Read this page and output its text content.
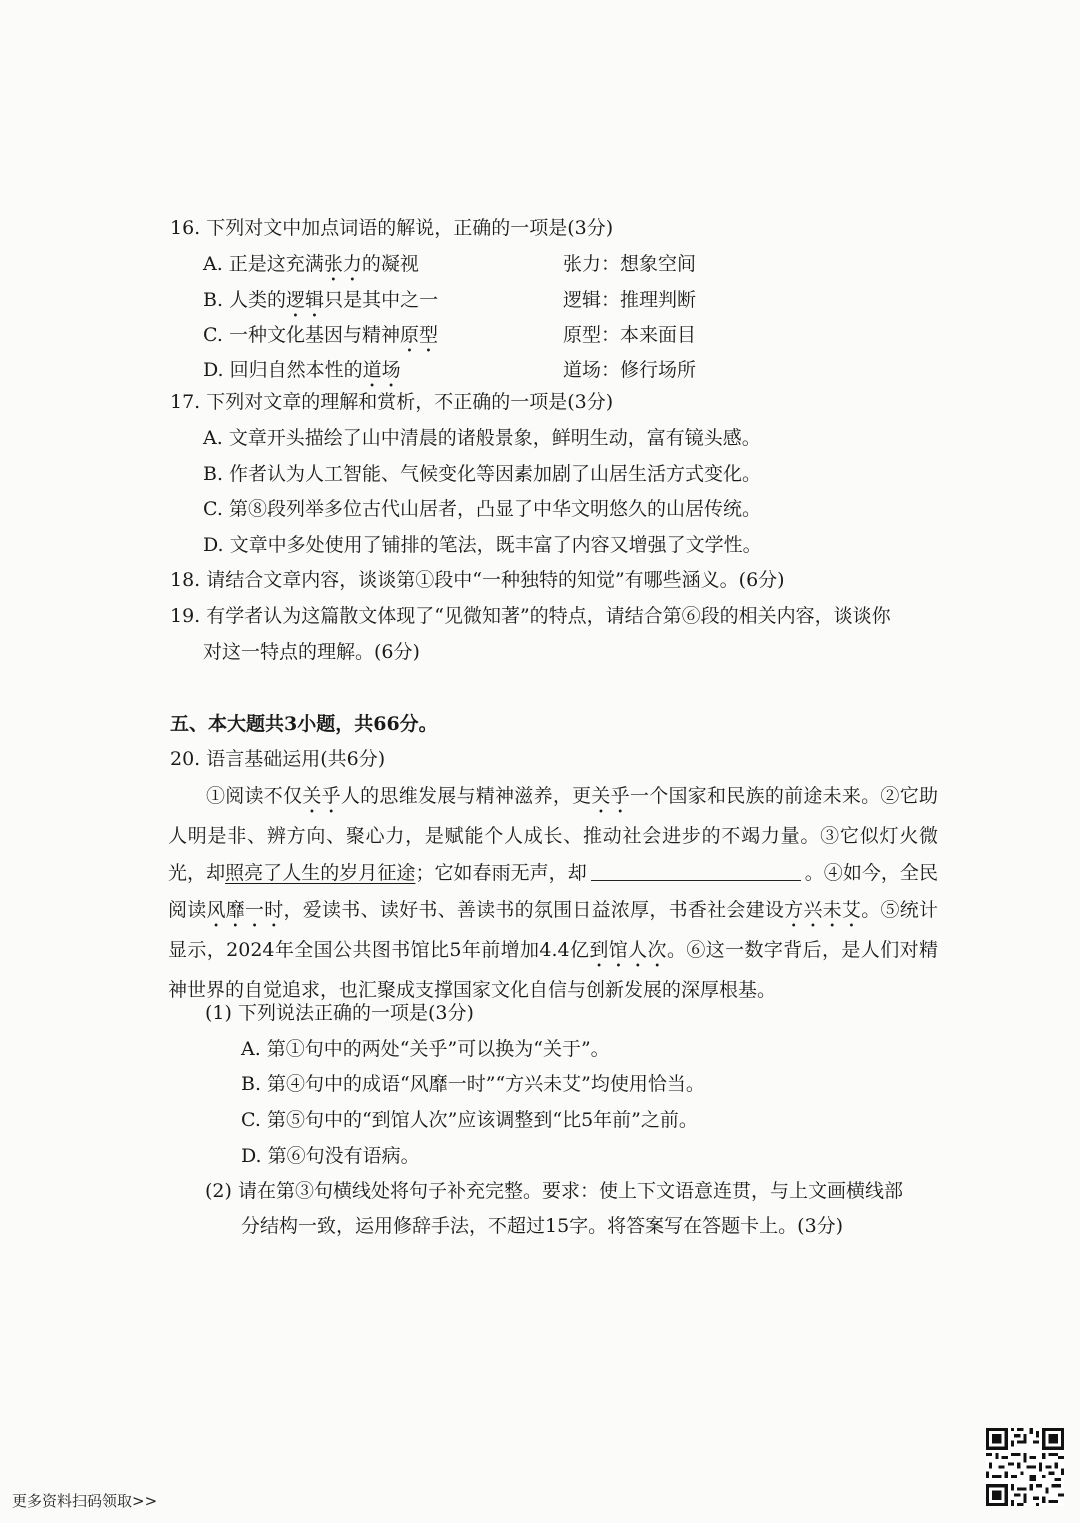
16. 下列对文中加点词语的解说，正确的一项是(3分)
A. 正是这充满张力的凝视	张力：想象空间
B. 人类的逻辑只是其中之一	逻辑：推理判断
C. 一种文化基因与精神原型	原型：本来面目
D. 回归自然本性的道场	道场：修行场所
17. 下列对文章的理解和赏析，不正确的一项是(3分)
A. 文章开头描绘了山中清晨的诸般景象，鲜明生动，富有镜头感。
B. 作者认为人工智能、气候变化等因素加剧了山居生活方式变化。
C. 第⑧段列举多位古代山居者，凸显了中华文明悠久的山居传统。
D. 文章中多处使用了铺排的笔法，既丰富了内容又增强了文学性。
18. 请结合文章内容，谈谈第①段中“一种独特的知觉”有哪些涵义。(6分)
19. 有学者认为这篇散文体现了“见微知著”的特点，请结合第⑥段的相关内容，谈谈你
对这一特点的理解。(6分)
五、本大题共3小题，共66分。
20. 语言基础运用(共6分)
①阅读不仅关乎人的思维发展与精神滋养，更关乎一个国家和民族的前途未来。②它助人明是非、辨方向、聚心力，是赋能个人成长、推动社会进步的不竭力量。③它似灯火微光，却照亮了人生的岁月征途；它如春雨无声，却	。④如今，全民阅读风靡一时，爱读书、读好书、善读书的氛围日益浓厚，书香社会建设方兴未艾。⑤统计显示，2024年全国公共图书馆比5年前增加4.4亿到馆人次。⑥这一数字背后，是人们对精神世界的自觉追求，也汇聚成支撑国家文化自信与创新发展的深厚根基。
(1) 下列说法正确的一项是(3分)
A. 第①句中的两处“关乎”可以换为“关于”。
B. 第④句中的成语“风靡一时”“方兴未艾”均使用恰当。
C. 第⑤句中的“到馆人次”应该调整到“比5年前”之前。
D. 第⑥句没有语病。
(2) 请在第③句横线处将句子补充完整。要求：使上下文语意连贯，与上文画横线部
分结构一致，运用修辞手法，不超过15字。将答案写在答题卡上。(3分)
更多资料扫码领取>>
